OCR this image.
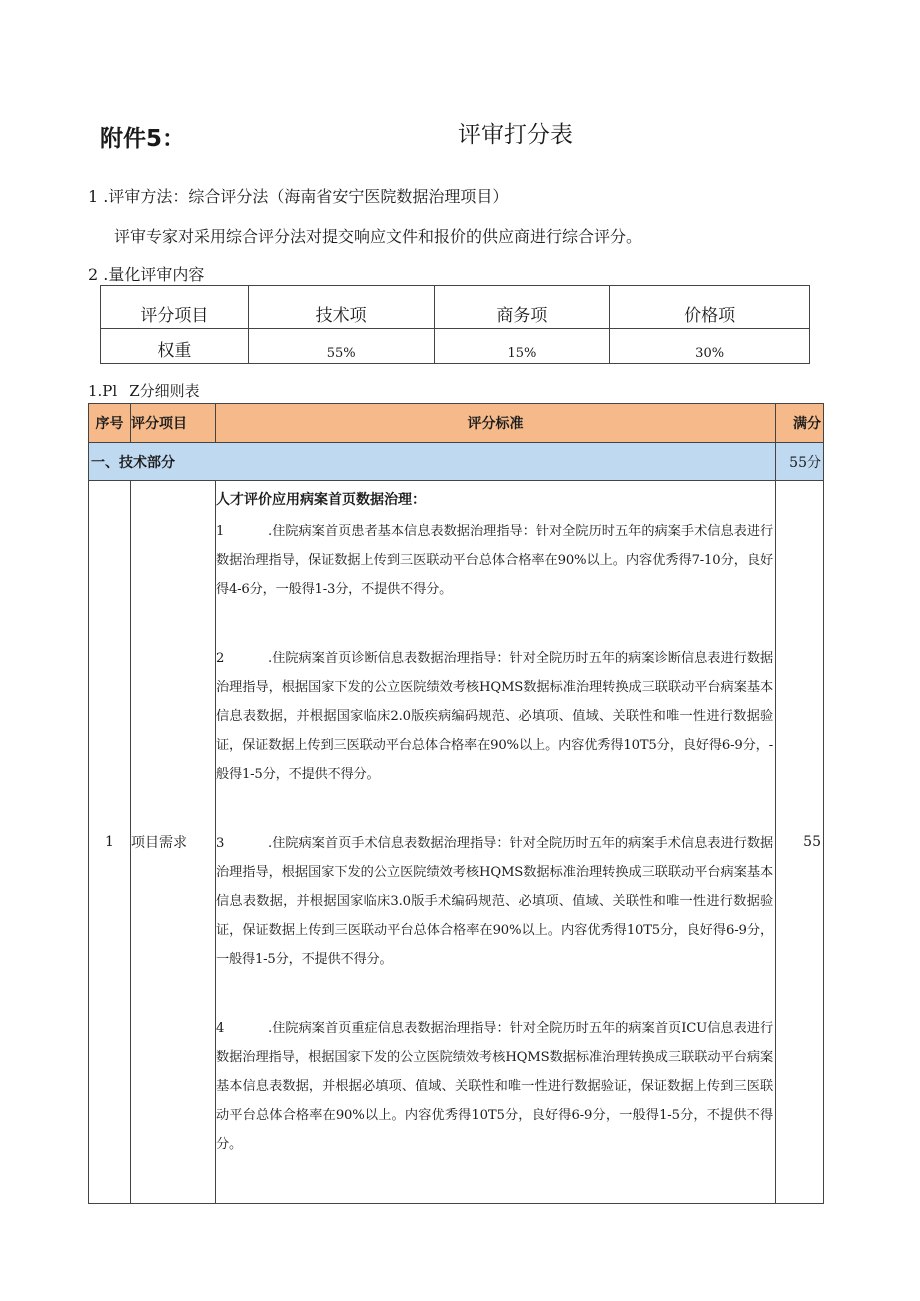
附件5：	评审打分表
1 .评审方法：综合评分法（海南省安宁医院数据治理项目）
评审专家对采用综合评分法对提交响应文件和报价的供应商进行综合评分。
2 .量化评审内容
评分项目	技术项	商务项	价格项
权重	55%	15%	30%
1.Pl Z分细则表
序号	评分项目	评分标准	满分
一、技术部分			55分
1	项目需求	人才评价应用病案首页数据治理：

1 .住院病案首页患者基本信息表数据治理指导：针对全院历时五年的病案手术信息表进行数据治理指导，保证数据上传到三医联动平台总体合格率在90%以上。内容优秀得7-10分，良好得4-6分，一般得1-3分，不提供不得分。

2 .住院病案首页诊断信息表数据治理指导：针对全院历时五年的病案诊断信息表进行数据治理指导，根据国家下发的公立医院绩效考核HQMS数据标准治理转换成三联联动平台病案基本信息表数据，并根据国家临床2.0版疾病编码规范、必填项、值域、关联性和唯一性进行数据验证，保证数据上传到三医联动平台总体合格率在90%以上。内容优秀得10T5分，良好得6-9分，-般得1-5分，不提供不得分。

3 .住院病案首页手术信息表数据治理指导：针对全院历时五年的病案手术信息表进行数据治理指导，根据国家下发的公立医院绩效考核HQMS数据标准治理转换成三联联动平台病案基本信息表数据，并根据国家临床3.0版手术编码规范、必填项、值域、关联性和唯一性进行数据验证，保证数据上传到三医联动平台总体合格率在90%以上。内容优秀得10T5分，良好得6-9分，一般得1-5分，不提供不得分。

4 .住院病案首页重症信息表数据治理指导：针对全院历时五年的病案首页ICU信息表进行数据治理指导，根据国家下发的公立医院绩效考核HQMS数据标准治理转换成三联联动平台病案基本信息表数据，并根据必填项、值域、关联性和唯一性进行数据验证，保证数据上传到三医联动平台总体合格率在90%以上。内容优秀得10T5分，良好得6-9分，一般得1-5分，不提供不得分。	55
